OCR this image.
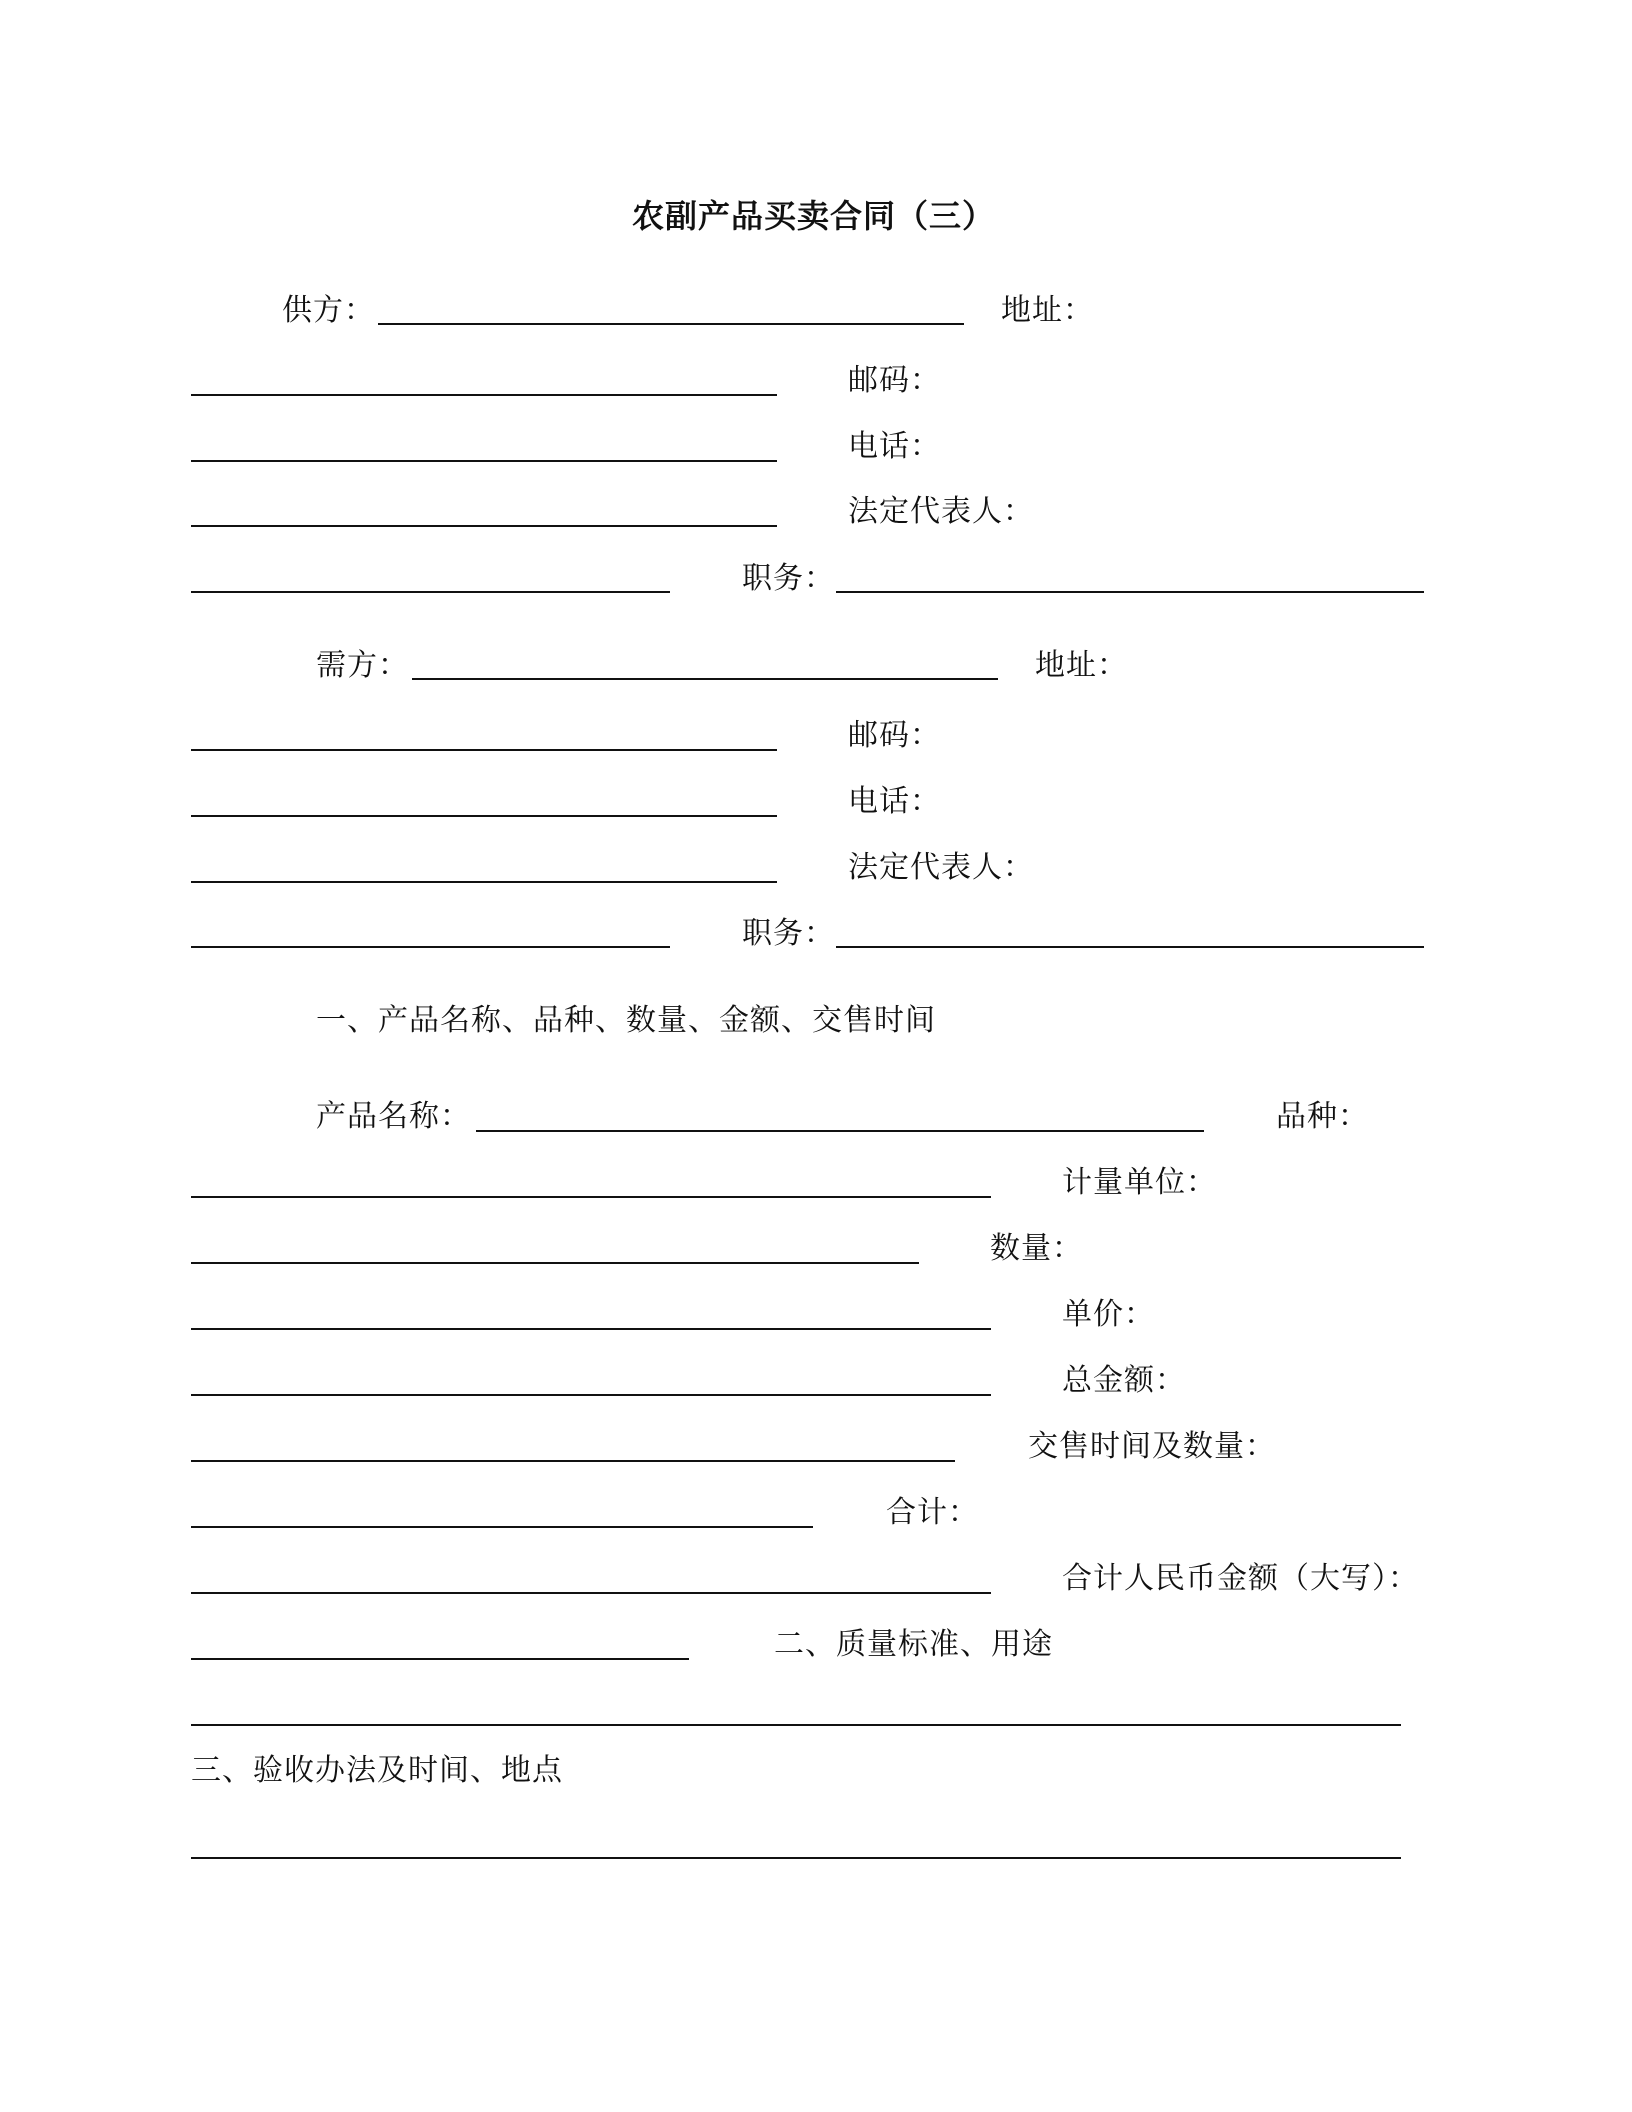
农副产品买卖合同（三）
供方：	地址：
邮码：
电话：
法定代表人：
职务：
需方：	地址：
邮码：
电话：
法定代表人：
职务：
一、产品名称、品种、数量、金额、交售时间
产品名称：	品种：
计量单位：
数量：
单价：
总金额：
交售时间及数量：
合计：
合计人民币金额（大写）：
二、质量标准、用途
三、验收办法及时间、地点
